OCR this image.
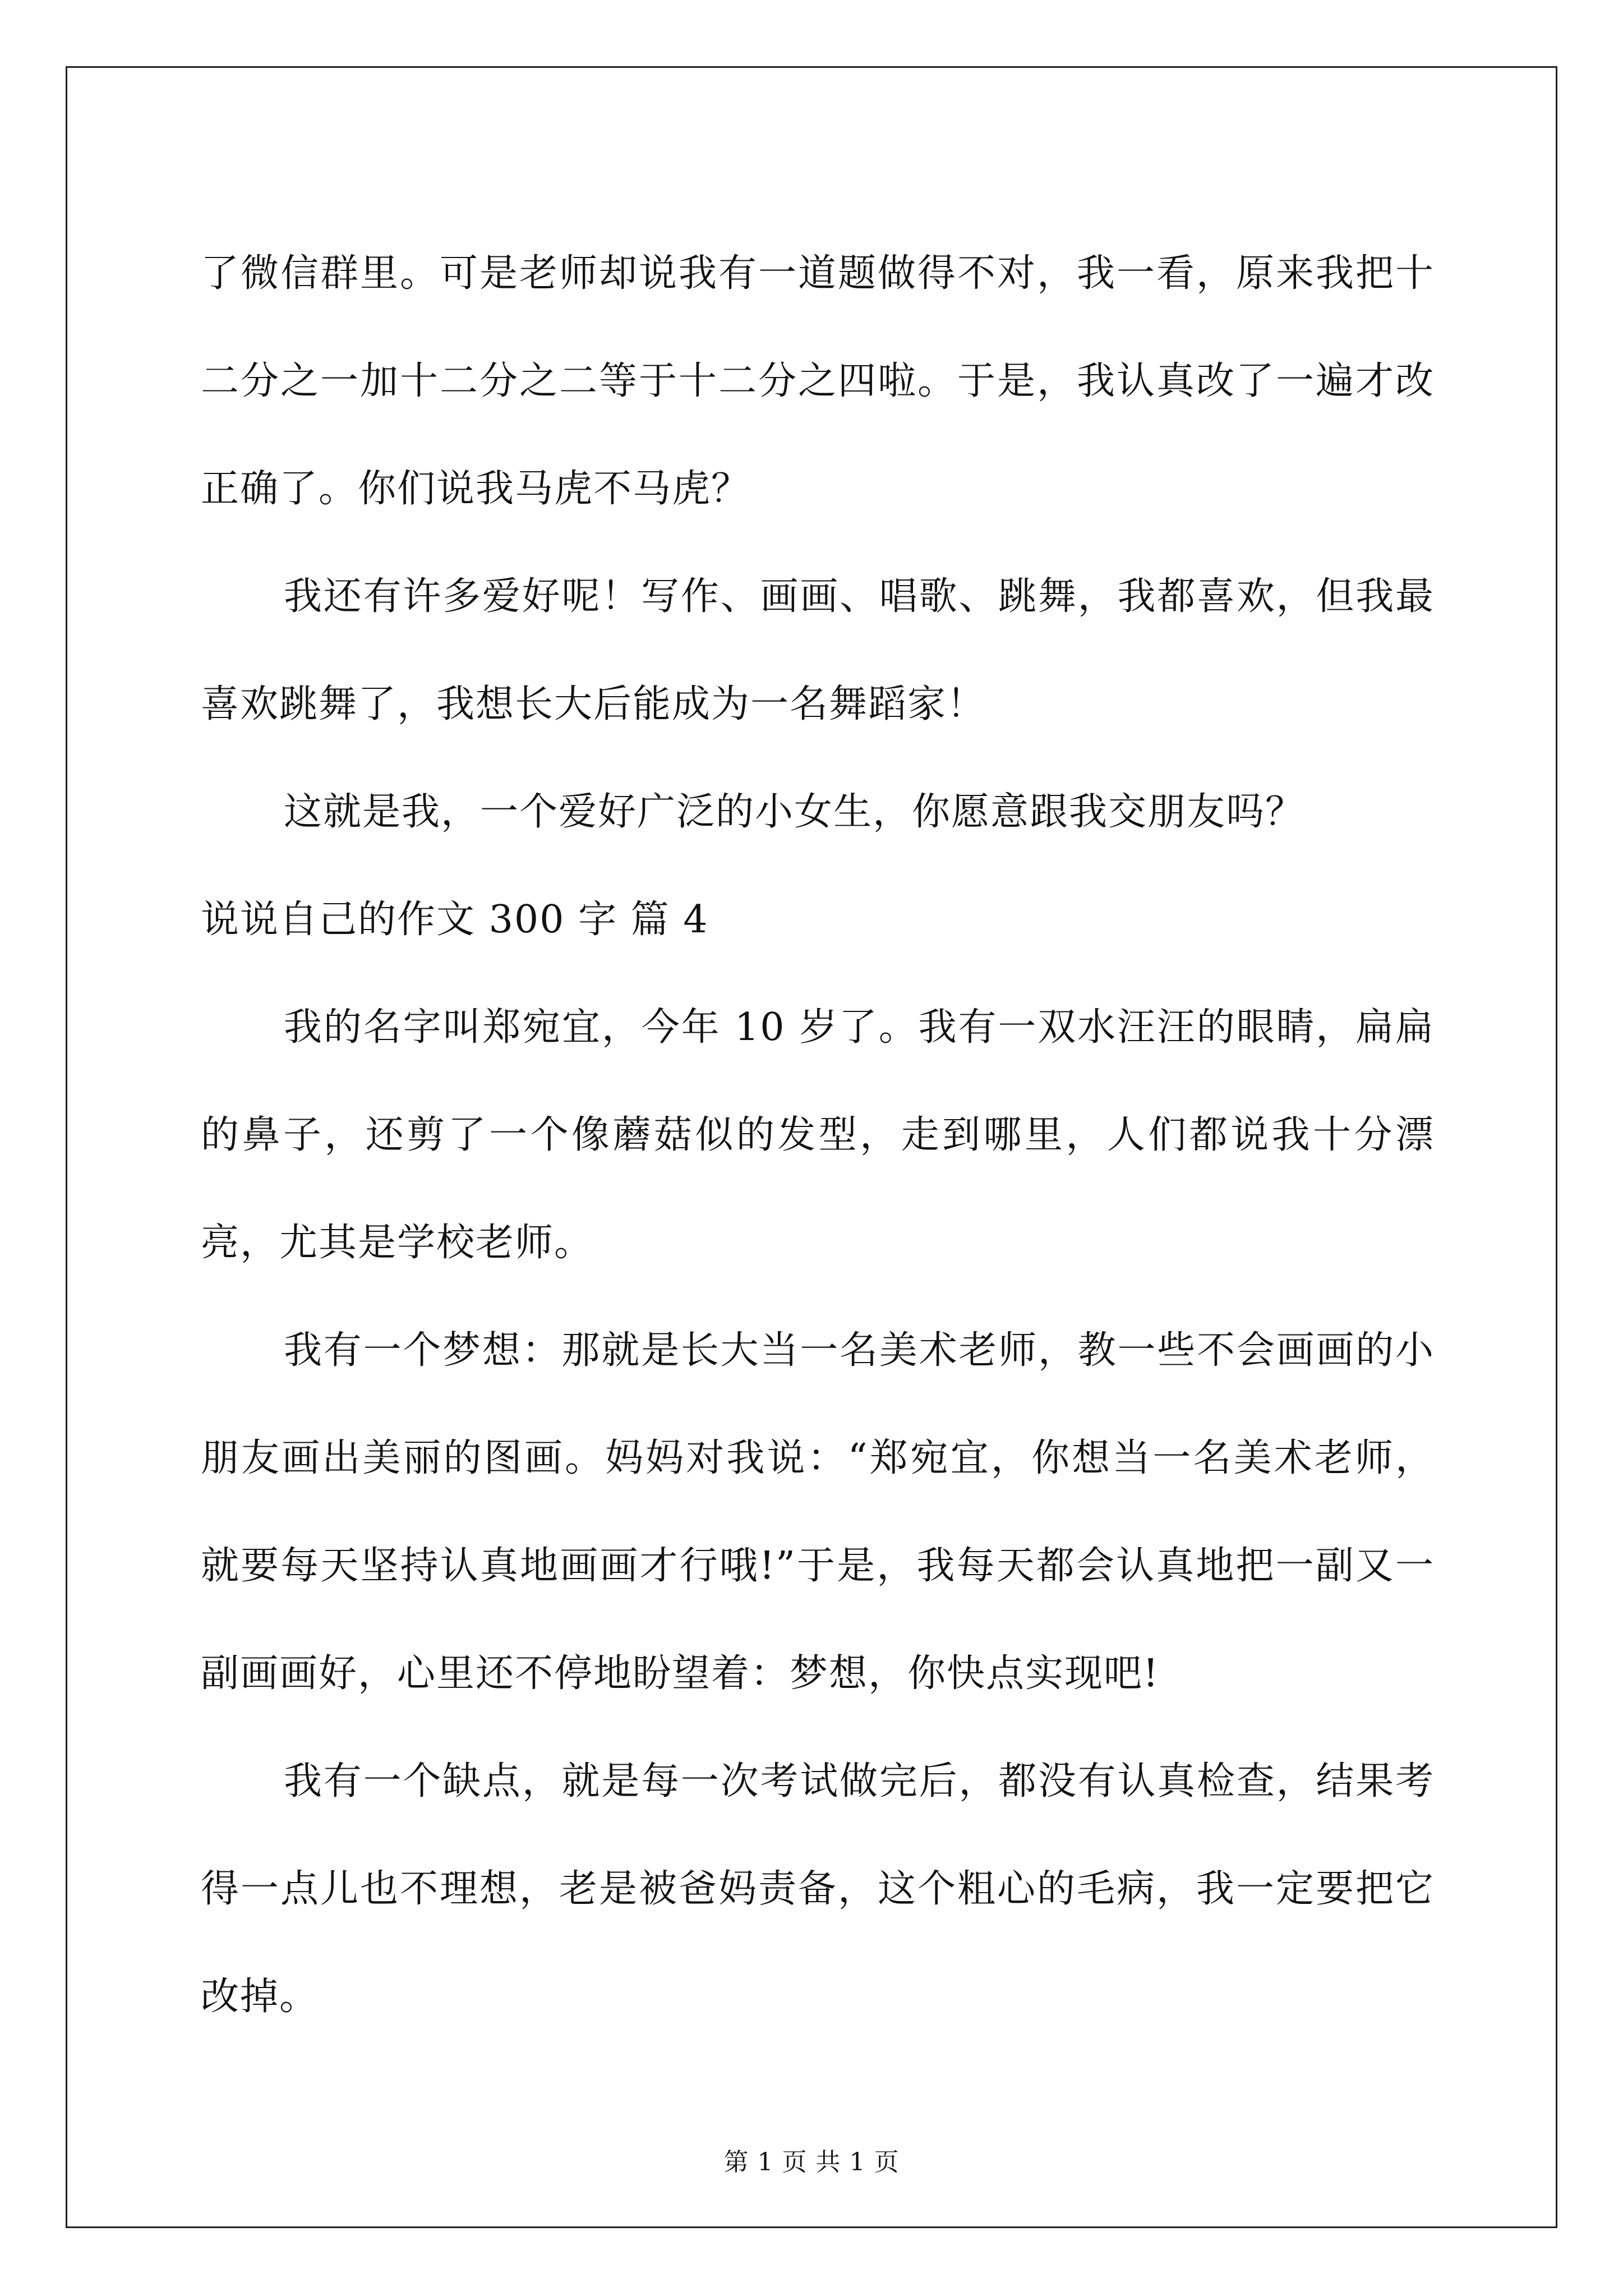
了微信群里。可是老师却说我有一道题做得不对，我一看，原来我把十二分之一加十二分之二等于十二分之四啦。于是，我认真改了一遍才改正确了。你们说我马虎不马虎？

我还有许多爱好呢！写作、画画、唱歌、跳舞，我都喜欢，但我最喜欢跳舞了，我想长大后能成为一名舞蹈家！

这就是我，一个爱好广泛的小女生，你愿意跟我交朋友吗？

说说自己的作文 300 字 篇 4

我的名字叫郑宛宜，今年 10 岁了。我有一双水汪汪的眼睛，扁扁的鼻子，还剪了一个像蘑菇似的发型，走到哪里，人们都说我十分漂亮，尤其是学校老师。

我有一个梦想：那就是长大当一名美术老师，教一些不会画画的小朋友画出美丽的图画。妈妈对我说：“郑宛宜，你想当一名美术老师，就要每天坚持认真地画画才行哦!”于是，我每天都会认真地把一副又一副画画好，心里还不停地盼望着：梦想，你快点实现吧!

我有一个缺点，就是每一次考试做完后，都没有认真检查，结果考得一点儿也不理想，老是被爸妈责备，这个粗心的毛病，我一定要把它改掉。

第 1 页 共 1 页
